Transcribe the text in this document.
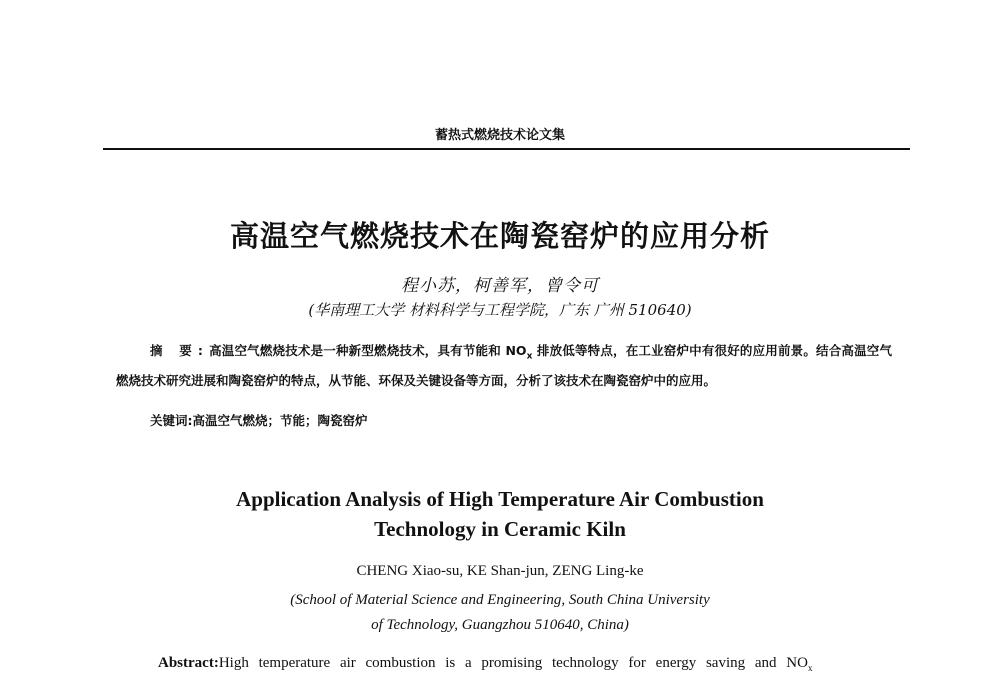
蓄热式燃烧技术论文集
高温空气燃烧技术在陶瓷窑炉的应用分析
程小苏，柯善军，曾令可
(华南理工大学 材料科学与工程学院，广东 广州 510640)
摘 要:高温空气燃烧技术是一种新型燃烧技术，具有节能和 $NO_x$ 排放低等特点，在工业窑炉中有很好的应用前景。结合高温空气燃烧技术研究进展和陶瓷窑炉的特点，从节能、环保及关键设备等方面，分析了该技术在陶瓷窑炉中的应用。
关键词:高温空气燃烧；节能；陶瓷窑炉
Application Analysis of High Temperature Air Combustion
Technology in Ceramic Kiln
CHENG Xiao-su, KE Shan-jun, ZENG Ling-ke
(School of Material Science and Engineering, South China University
of Technology, Guangzhou 510640, China)
Abstract:High temperature air combustion is a promising technology for energy saving and $NO_x$
